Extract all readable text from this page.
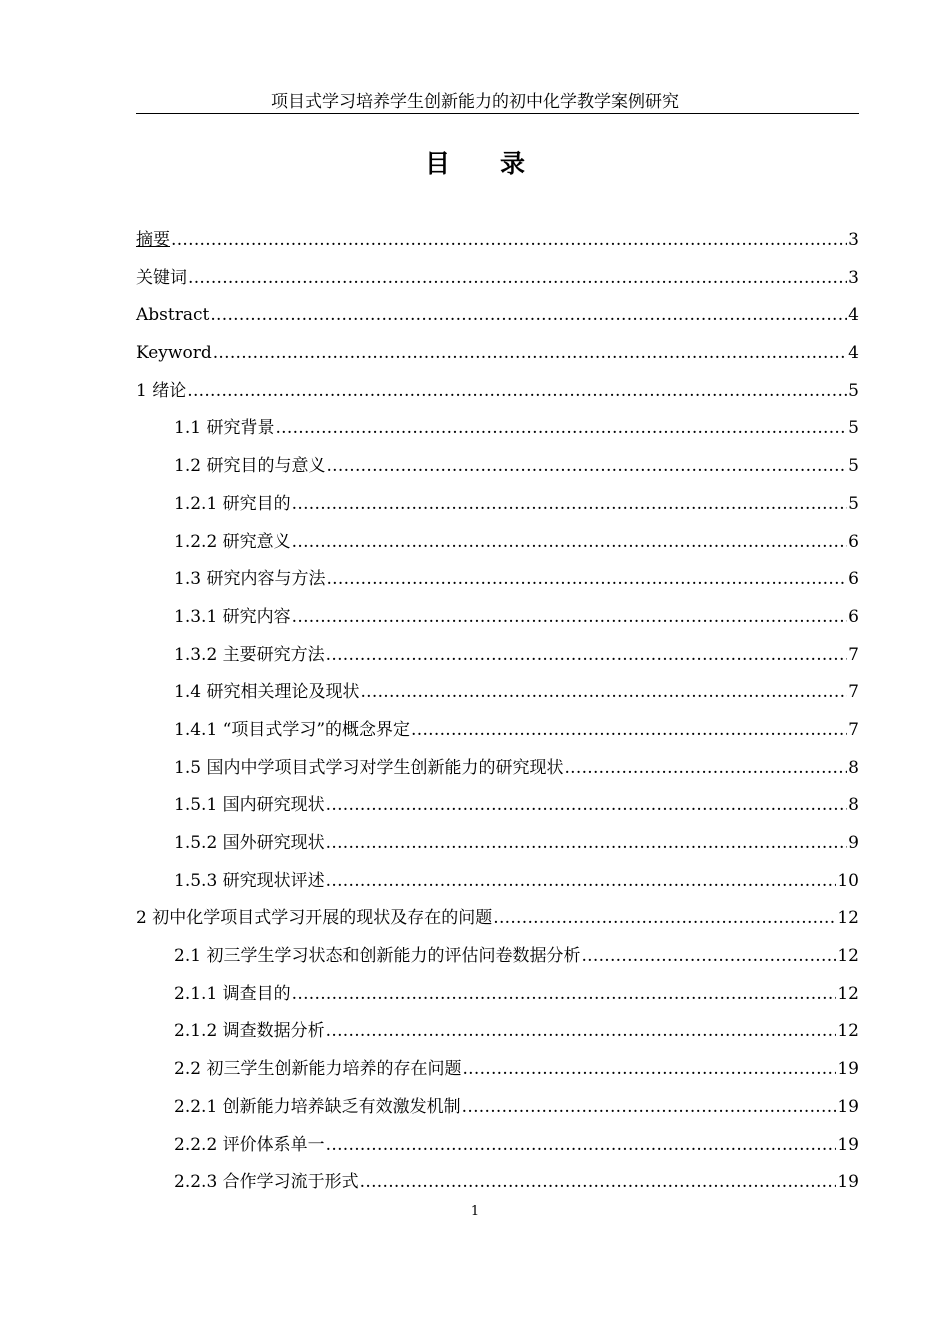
项目式学习培养学生创新能力的初中化学教学案例研究
目录
摘要 .....	3
关键词 .....	3
Abstract .....	4
Keyword .....	4
1 绪论 .....	5
1.1 研究背景 .....	5
1.2 研究目的与意义 .....	5
1.2.1 研究目的 .....	5
1.2.2 研究意义 .....	6
1.3 研究内容与方法 .....	6
1.3.1 研究内容 .....	6
1.3.2 主要研究方法 .....	7
1.4 研究相关理论及现状 .....	7
1.4.1 “项目式学习”的概念界定 .....	7
1.5 国内中学项目式学习对学生创新能力的研究现状 .....	8
1.5.1 国内研究现状 .....	8
1.5.2 国外研究现状 .....	9
1.5.3 研究现状评述 .....	10
2 初中化学项目式学习开展的现状及存在的问题 .....	12
2.1 初三学生学习状态和创新能力的评估问卷数据分析 .....	12
2.1.1 调查目的 .....	12
2.1.2 调查数据分析 .....	12
2.2 初三学生创新能力培养的存在问题 .....	19
2.2.1 创新能力培养缺乏有效激发机制 .....	19
2.2.2 评价体系单一 .....	19
2.2.3 合作学习流于形式 .....	19
1
